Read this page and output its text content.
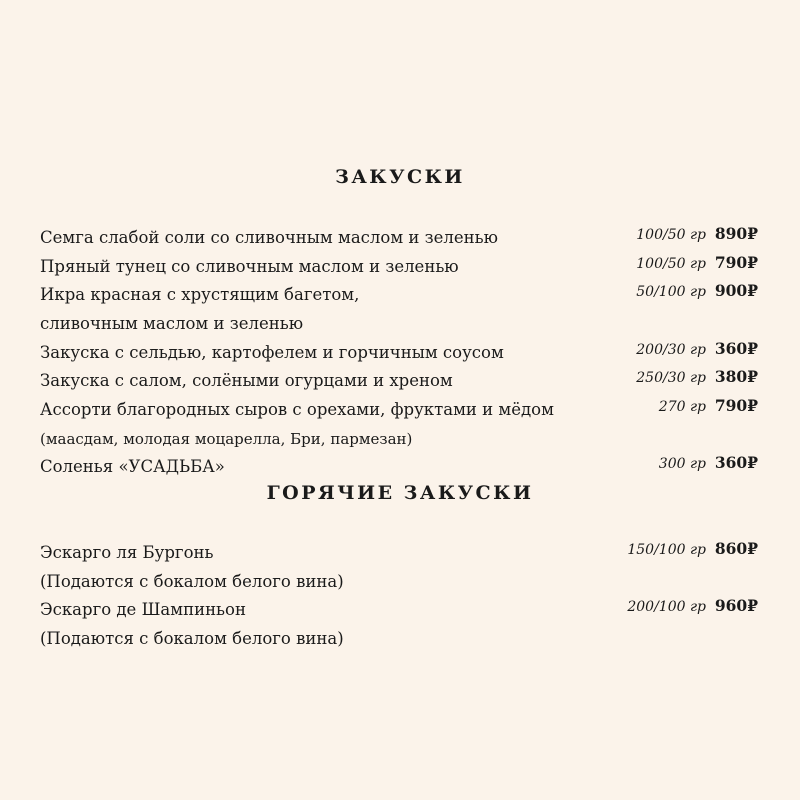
ЗАКУСКИ
Семга слабой соли со сливочным маслом и зеленью	100/50 гр 890₽
Пряный тунец со сливочным маслом и зеленью	100/50 гр 790₽
Икра красная с хрустящим багетом,	50/100 гр 900₽
сливочным маслом и зеленью
Закуска с сельдью, картофелем и горчичным соусом	200/30 гр 360₽
Закуска с салом, солёными огурцами и хреном	250/30 гр 380₽
Ассорти благородных сыров с орехами, фруктами и мёдом	270 гр 790₽
(маасдам, молодая моцарелла, Бри, пармезан)
Соленья «УСАДЬБА»	300 гр 360₽
ГОРЯЧИЕ ЗАКУСКИ
Эскарго ля Бургонь	150/100 гр 860₽
(Подаются с бокалом белого вина)
Эскарго де Шампиньон	200/100 гр 960₽
(Подаются с бокалом белого вина)
